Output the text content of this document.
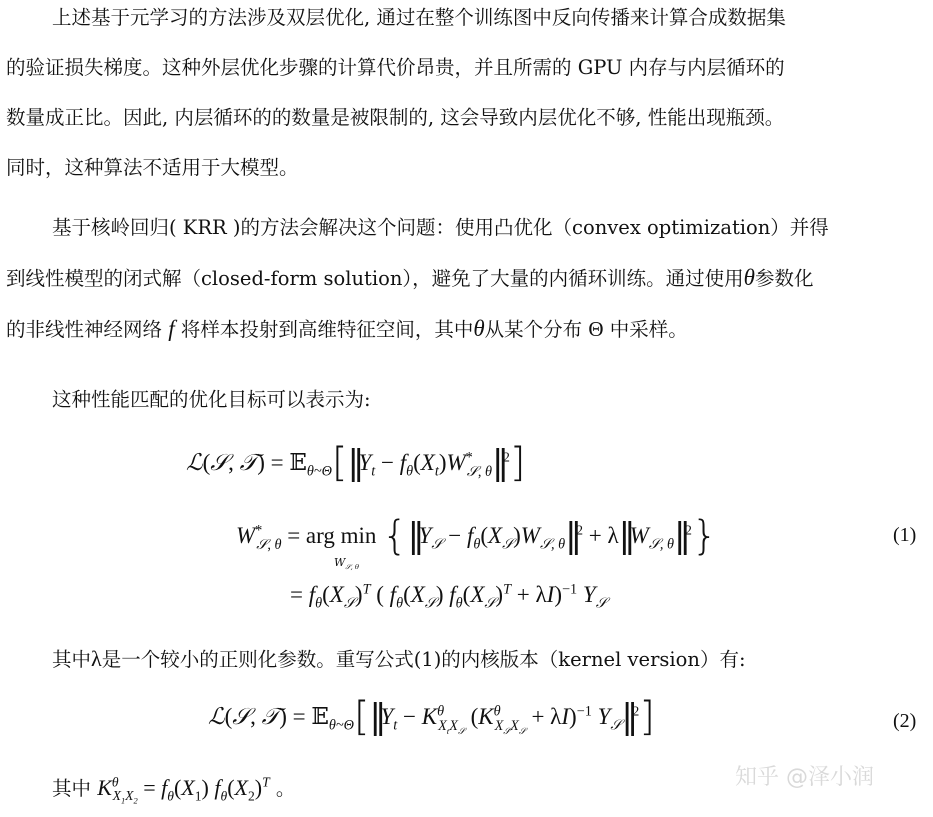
上述基于元学习的方法涉及双层优化, 通过在整个训练图中反向传播来计算合成数据集
的验证损失梯度。这种外层优化步骤的计算代价昂贵，并且所需的 GPU 内存与内层循环的
数量成正比。因此, 内层循环的的数量是被限制的, 这会导致内层优化不够, 性能出现瓶颈。
同时，这种算法不适用于大模型。
基于核岭回归( KRR )的方法会解决这个问题：使用凸优化（convex optimization）并得
到线性模型的闭式解（closed-form solution），避免了大量的内循环训练。通过使用θ参数化
的非线性神经网络 f 将样本投射到高维特征空间，其中θ从某个分布 Θ 中采样。
这种性能匹配的优化目标可以表示为:
ℒ(𝒮, 𝒯) = $𝔼_{\theta\sim\Theta}[‖Y_t$ − $f_\theta(X_t)W^*_{𝒮, \theta}‖^2$]
$W^*_{𝒮, \theta}$ = arg $\min \{‖Y_𝒮$ − $f_\theta(X_𝒮)W_{𝒮, \theta}‖^2$ + $\lambda‖W_{𝒮, \theta}‖^2$}
$W_{𝒮, \theta}$
(1)
= $f_\theta(X_𝒮)^T$ ( $f_\theta(X_𝒮) f_\theta(X_𝒮)^T + \lambda I)^{-1}$ $Y_𝒮$
其中λ是一个较小的正则化参数。重写公式(1)的内核版本（kernel version）有:
ℒ(𝒮, 𝒯) = $𝔼_{\theta\sim\Theta}[‖Y_t - K^\theta_{X_tX_𝒮}$ $(K^\theta_{X_𝒮X_𝒮} + \lambda I)^{-1}$ $Y_𝒮‖^2$]	(2)
其中 $K^\theta_{X_1X_2} = f_\theta(X_1)$ $f_\theta(X_2)^T$ 。	知乎 @泽小润
